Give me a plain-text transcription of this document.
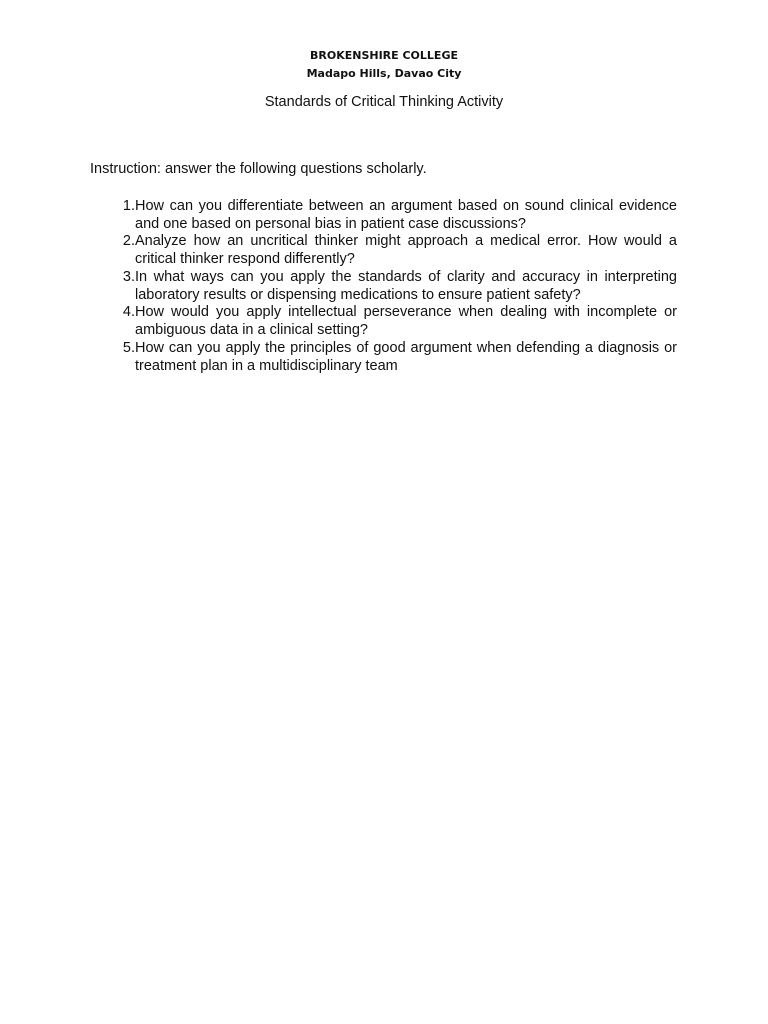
BROKENSHIRE COLLEGE
Madapo Hills, Davao City
Standards of Critical Thinking Activity
Instruction: answer the following questions scholarly.
1. How can you differentiate between an argument based on sound clinical evidence and one based on personal bias in patient case discussions?
2. Analyze how an uncritical thinker might approach a medical error. How would a critical thinker respond differently?
3. In what ways can you apply the standards of clarity and accuracy in interpreting laboratory results or dispensing medications to ensure patient safety?
4. How would you apply intellectual perseverance when dealing with incomplete or ambiguous data in a clinical setting?
5. How can you apply the principles of good argument when defending a diagnosis or treatment plan in a multidisciplinary team
